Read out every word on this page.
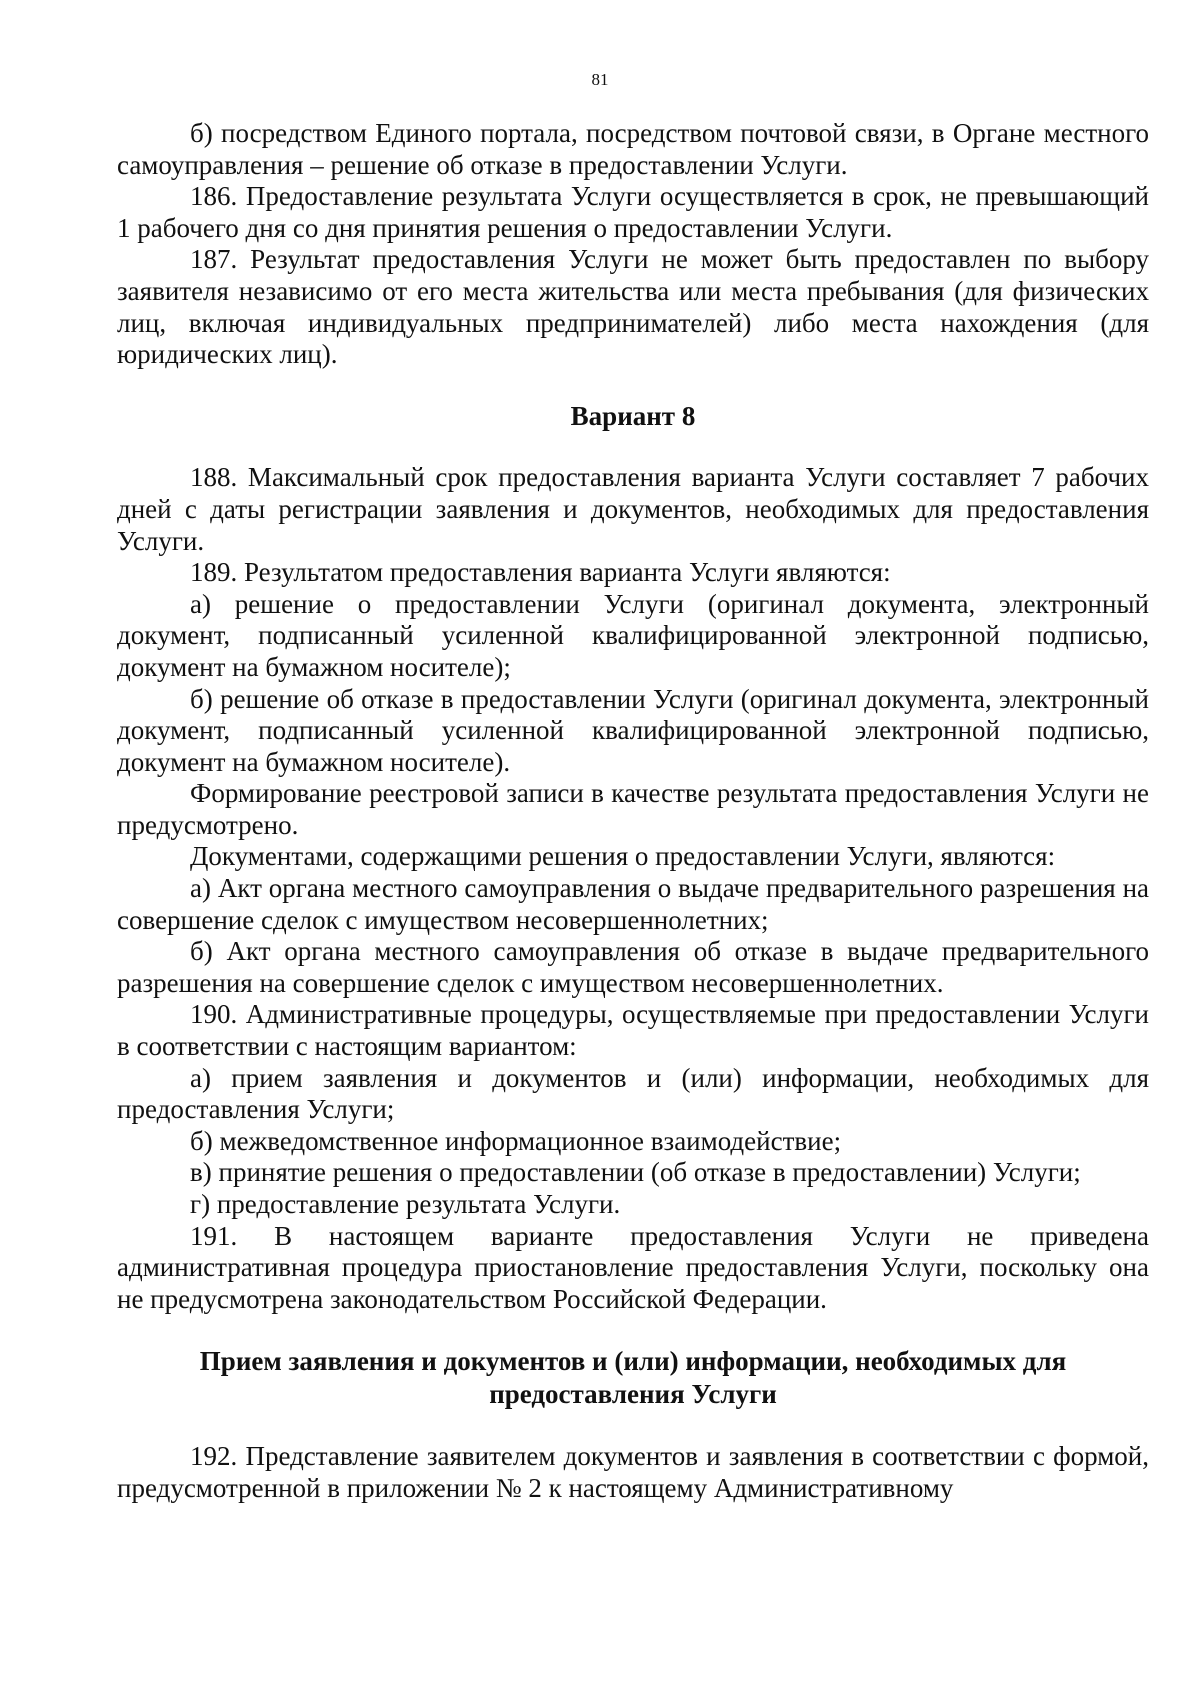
81

б) посредством Единого портала, посредством почтовой связи, в Органе местного самоуправления – решение об отказе в предоставлении Услуги.

186. Предоставление результата Услуги осуществляется в срок, не превышающий 1 рабочего дня со дня принятия решения о предоставлении Услуги.

187. Результат предоставления Услуги не может быть предоставлен по выбору заявителя независимо от его места жительства или места пребывания (для физических лиц, включая индивидуальных предпринимателей) либо места нахождения (для юридических лиц).

Вариант 8

188. Максимальный срок предоставления варианта Услуги составляет 7 рабочих дней с даты регистрации заявления и документов, необходимых для предоставления Услуги.

189. Результатом предоставления варианта Услуги являются:

а) решение о предоставлении Услуги (оригинал документа, электронный документ, подписанный усиленной квалифицированной электронной подписью, документ на бумажном носителе);

б) решение об отказе в предоставлении Услуги (оригинал документа, электронный документ, подписанный усиленной квалифицированной электронной подписью, документ на бумажном носителе).

Формирование реестровой записи в качестве результата предоставления Услуги не предусмотрено.

Документами, содержащими решения о предоставлении Услуги, являются:

а) Акт органа местного самоуправления о выдаче предварительного разрешения на совершение сделок с имуществом несовершеннолетних;

б) Акт органа местного самоуправления об отказе в выдаче предварительного разрешения на совершение сделок с имуществом несовершеннолетних.

190. Административные процедуры, осуществляемые при предоставлении Услуги в соответствии с настоящим вариантом:

а) прием заявления и документов и (или) информации, необходимых для предоставления Услуги;

б) межведомственное информационное взаимодействие;

в) принятие решения о предоставлении (об отказе в предоставлении) Услуги;

г) предоставление результата Услуги.

191. В настоящем варианте предоставления Услуги не приведена административная процедура приостановление предоставления Услуги, поскольку она не предусмотрена законодательством Российской Федерации.

Прием заявления и документов и (или) информации, необходимых для предоставления Услуги

192. Представление заявителем документов и заявления в соответствии с формой, предусмотренной в приложении № 2 к настоящему Административному
